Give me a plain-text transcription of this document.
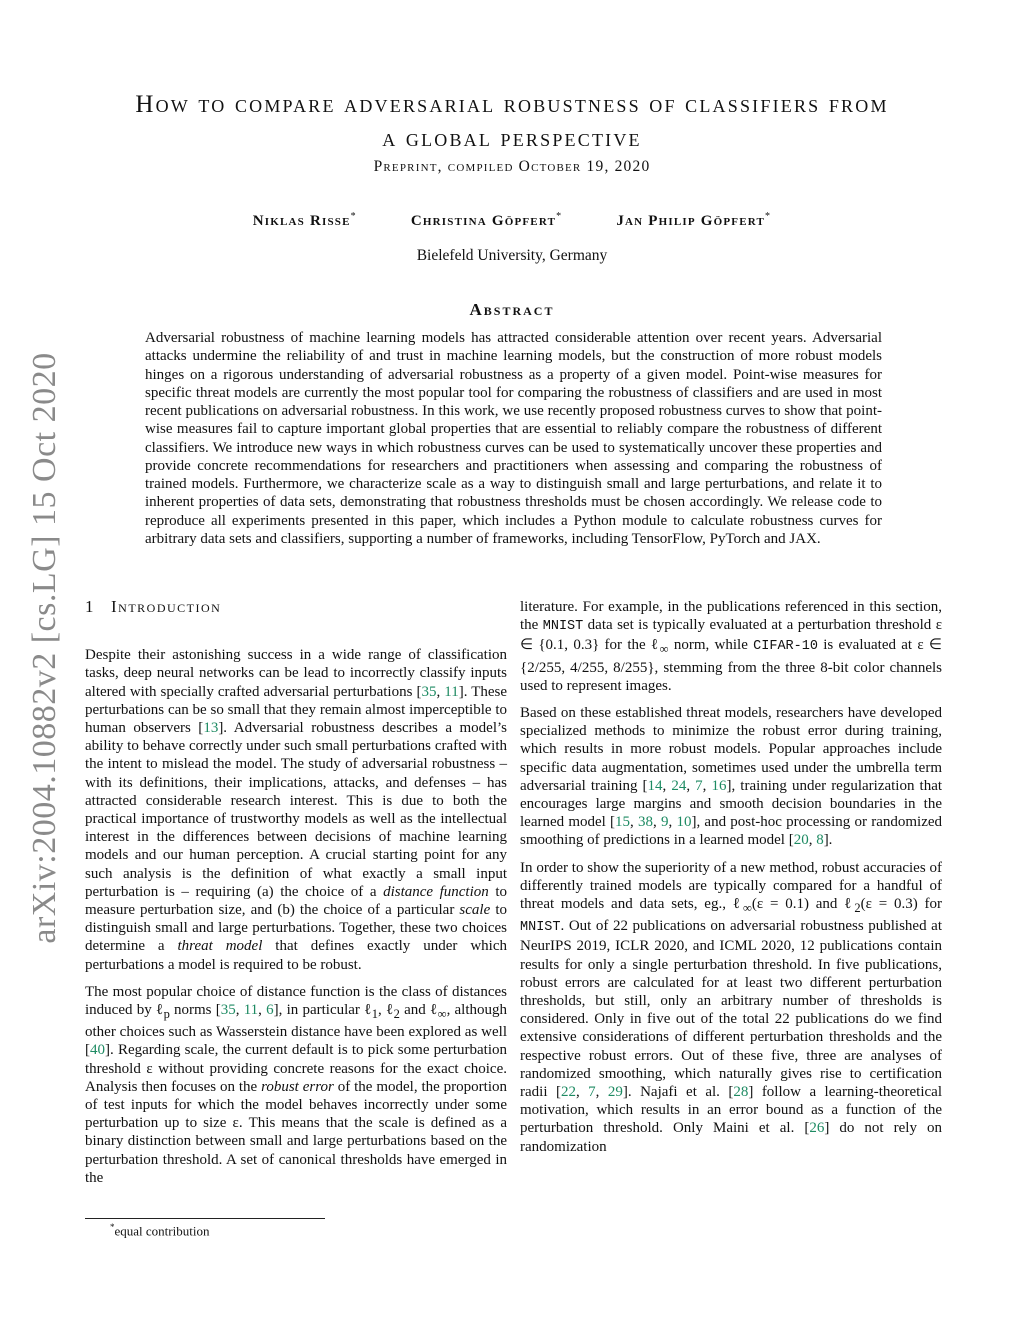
arXiv:2004.10882v2 [cs.LG] 15 Oct 2020
How to compare adversarial robustness of classifiers from
a global perspective
Preprint, compiled October 19, 2020
Niklas Risse*	Christina Göpfert*	Jan Philip Göpfert*
Bielefeld University, Germany
Abstract
Adversarial robustness of machine learning models has attracted considerable attention over recent years. Adversarial attacks undermine the reliability of and trust in machine learning models, but the construction of more robust models hinges on a rigorous understanding of adversarial robustness as a property of a given model. Point-wise measures for specific threat models are currently the most popular tool for comparing the robustness of classifiers and are used in most recent publications on adversarial robustness. In this work, we use recently proposed robustness curves to show that point-wise measures fail to capture important global properties that are essential to reliably compare the robustness of different classifiers. We introduce new ways in which robustness curves can be used to systematically uncover these properties and provide concrete recommendations for researchers and practitioners when assessing and comparing the robustness of trained models. Furthermore, we characterize scale as a way to distinguish small and large perturbations, and relate it to inherent properties of data sets, demonstrating that robustness thresholds must be chosen accordingly. We release code to reproduce all experiments presented in this paper, which includes a Python module to calculate robustness curves for arbitrary data sets and classifiers, supporting a number of frameworks, including TensorFlow, PyTorch and JAX.

1 Introduction

Despite their astonishing success in a wide range of classification tasks, deep neural networks can be lead to incorrectly classify inputs altered with specially crafted adversarial perturbations [35, 11]. These perturbations can be so small that they remain almost imperceptible to human observers [13]. Adversarial robustness describes a model’s ability to behave correctly under such small perturbations crafted with the intent to mislead the model. The study of adversarial robustness – with its definitions, their implications, attacks, and defenses – has attracted considerable research interest. This is due to both the practical importance of trustworthy models as well as the intellectual interest in the differences between decisions of machine learning models and our human perception. A crucial starting point for any such analysis is the definition of what exactly a small input perturbation is – requiring (a) the choice of a distance function to measure perturbation size, and (b) the choice of a particular scale to distinguish small and large perturbations. Together, these two choices determine a threat model that defines exactly under which perturbations a model is required to be robust.

The most popular choice of distance function is the class of distances induced by ℓ$_p$ norms [35, 11, 6], in particular ℓ$_1$, ℓ$_2$ and ℓ$_\infty$, although other choices such as Wasserstein distance have been explored as well [40]. Regarding scale, the current default is to pick some perturbation threshold ε without providing concrete reasons for the exact choice. Analysis then focuses on the robust error of the model, the proportion of test inputs for which the model behaves incorrectly under some perturbation up to size ε. This means that the scale is defined as a binary distinction between small and large perturbations based on the perturbation threshold. A set of canonical thresholds have emerged in the

literature. For example, in the publications referenced in this section, the MNIST data set is typically evaluated at a perturbation threshold ε ∈ {0.1, 0.3} for the ℓ$_\infty$ norm, while CIFAR-10 is evaluated at ε ∈ {2/255, 4/255, 8/255}, stemming from the three 8-bit color channels used to represent images.

Based on these established threat models, researchers have developed specialized methods to minimize the robust error during training, which results in more robust models. Popular approaches include specific data augmentation, sometimes used under the umbrella term adversarial training [14, 24, 7, 16], training under regularization that encourages large margins and smooth decision boundaries in the learned model [15, 38, 9, 10], and post-hoc processing or randomized smoothing of predictions in a learned model [20, 8].

In order to show the superiority of a new method, robust accuracies of differently trained models are typically compared for a handful of threat models and data sets, eg., ℓ$_\infty$(ε = 0.1) and ℓ$_2$(ε = 0.3) for MNIST. Out of 22 publications on adversarial robustness published at NeurIPS 2019, ICLR 2020, and ICML 2020, 12 publications contain results for only a single perturbation threshold. In five publications, robust errors are calculated for at least two different perturbation thresholds, but still, only an arbitrary number of thresholds is considered. Only in five out of the total 22 publications do we find extensive considerations of different perturbation thresholds and the respective robust errors. Out of these five, three are analyses of randomized smoothing, which naturally gives rise to certification radii [22, 7, 29]. Najafi et al. [28] follow a learning-theoretical motivation, which results in an error bound as a function of the perturbation threshold. Only Maini et al. [26] do not rely on randomization

*equal contribution
